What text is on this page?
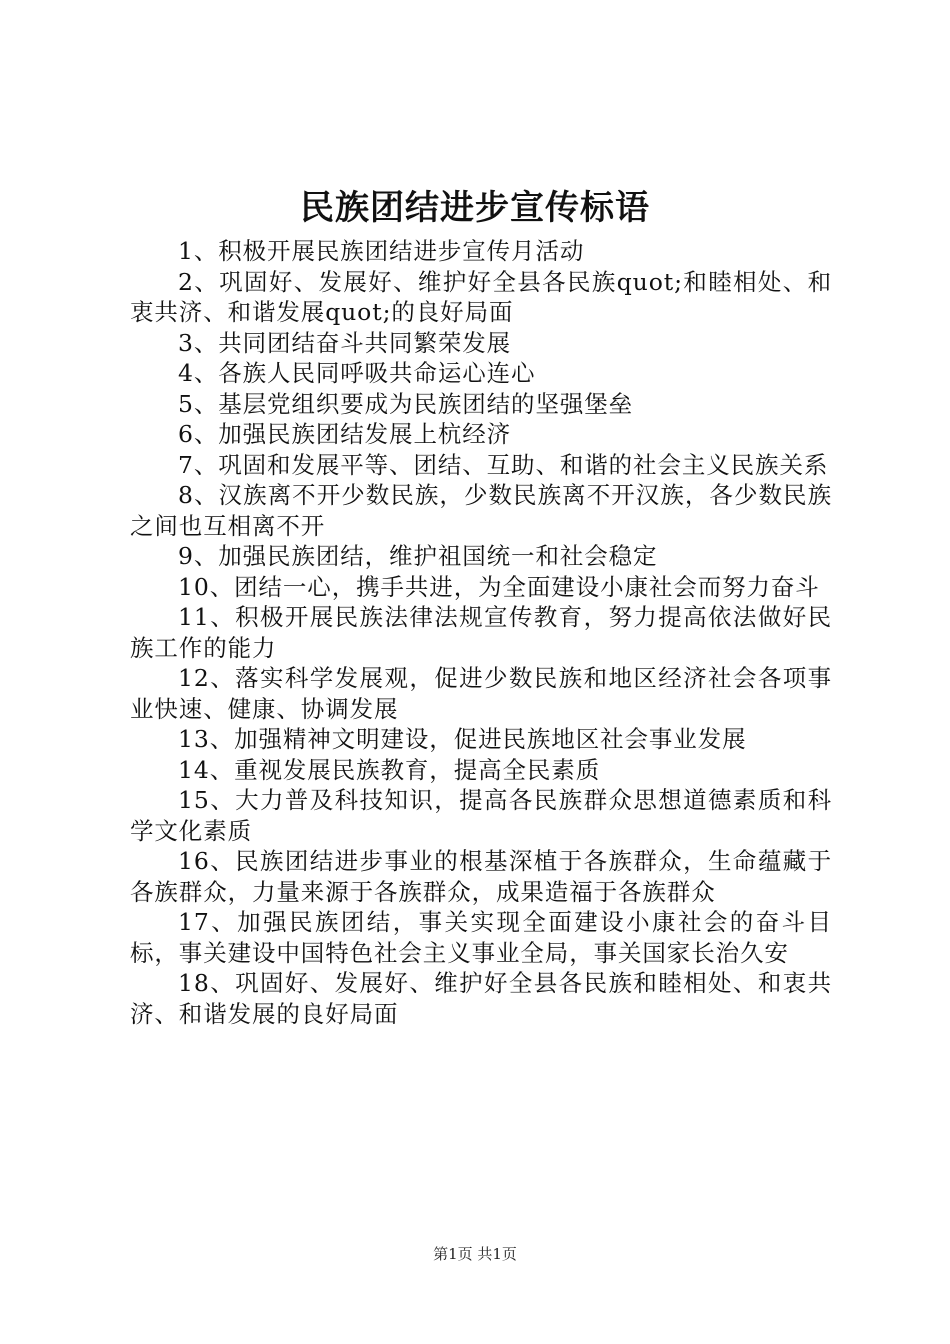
民族团结进步宣传标语

1、积极开展民族团结进步宣传月活动

2、巩固好、发展好、维护好全县各民族quot;和睦相处、和衷共济、和谐发展quot;的良好局面

3、共同团结奋斗共同繁荣发展

4、各族人民同呼吸共命运心连心

5、基层党组织要成为民族团结的坚强堡垒

6、加强民族团结发展上杭经济

7、巩固和发展平等、团结、互助、和谐的社会主义民族关系

8、汉族离不开少数民族，少数民族离不开汉族，各少数民族之间也互相离不开

9、加强民族团结，维护祖国统一和社会稳定

10、团结一心，携手共进，为全面建设小康社会而努力奋斗

11、积极开展民族法律法规宣传教育，努力提高依法做好民族工作的能力

12、落实科学发展观，促进少数民族和地区经济社会各项事业快速、健康、协调发展

13、加强精神文明建设，促进民族地区社会事业发展

14、重视发展民族教育，提高全民素质

15、大力普及科技知识，提高各民族群众思想道德素质和科学文化素质

16、民族团结进步事业的根基深植于各族群众，生命蕴藏于各族群众，力量来源于各族群众，成果造福于各族群众

17、加强民族团结，事关实现全面建设小康社会的奋斗目标，事关建设中国特色社会主义事业全局，事关国家长治久安

18、巩固好、发展好、维护好全县各民族和睦相处、和衷共济、和谐发展的良好局面

第1页 共1页
